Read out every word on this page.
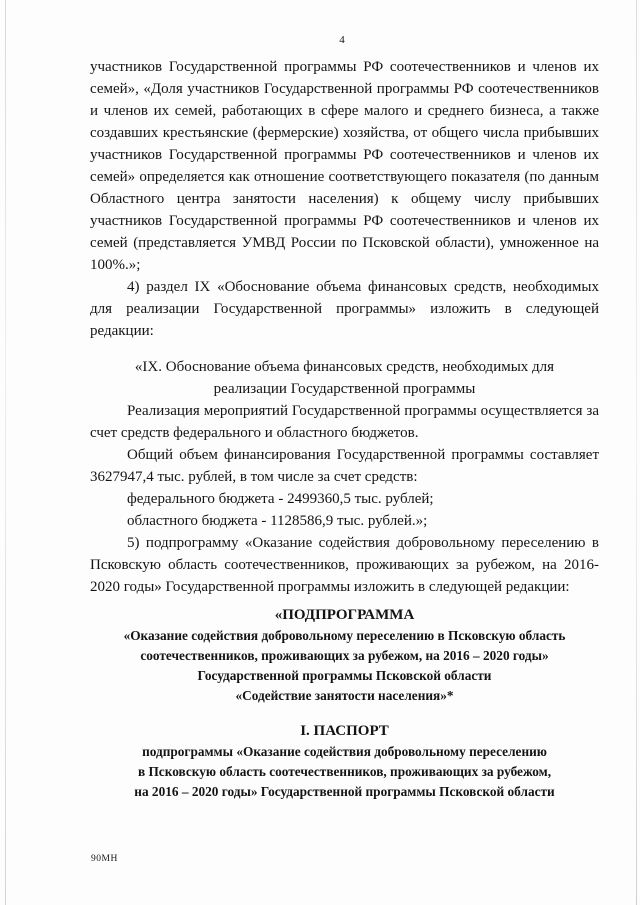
4

участников Государственной программы РФ соотечественников и членов их семей», «Доля участников Государственной программы РФ соотечественников и членов их семей, работающих в сфере малого и среднего бизнеса, а также создавших крестьянские (фермерские) хозяйства, от общего числа прибывших участников Государственной программы РФ соотечественников и членов их семей» определяется как отношение соответствующего показателя (по данным Областного центра занятости населения) к общему числу прибывших участников Государственной программы РФ соотечественников и членов их семей (представляется УМВД России по Псковской области), умноженное на 100%.»;

4) раздел IX «Обоснование объема финансовых средств, необходимых для реализации Государственной программы» изложить в следующей редакции:

«IX. Обоснование объема финансовых средств, необходимых для

реализации Государственной программы

Реализация мероприятий Государственной программы осуществляется за счет средств федерального и областного бюджетов.

Общий объем финансирования Государственной программы составляет 3627947,4 тыс. рублей, в том числе за счет средств:

федерального бюджета - 2499360,5 тыс. рублей;

областного бюджета - 1128586,9 тыс. рублей.»;

5) подпрограмму «Оказание содействия добровольному переселению в Псковскую область соотечественников, проживающих за рубежом, на 2016-2020 годы» Государственной программы изложить в следующей редакции:

«ПОДПРОГРАММА

«Оказание содействия добровольному переселению в Псковскую область

соотечественников, проживающих за рубежом, на 2016 – 2020 годы»

Государственной программы Псковской области

«Содействие занятости населения»*

I. ПАСПОРТ

подпрограммы «Оказание содействия добровольному переселению

в Псковскую область соотечественников, проживающих за рубежом,

на 2016 – 2020 годы» Государственной программы Псковской области

90МН
